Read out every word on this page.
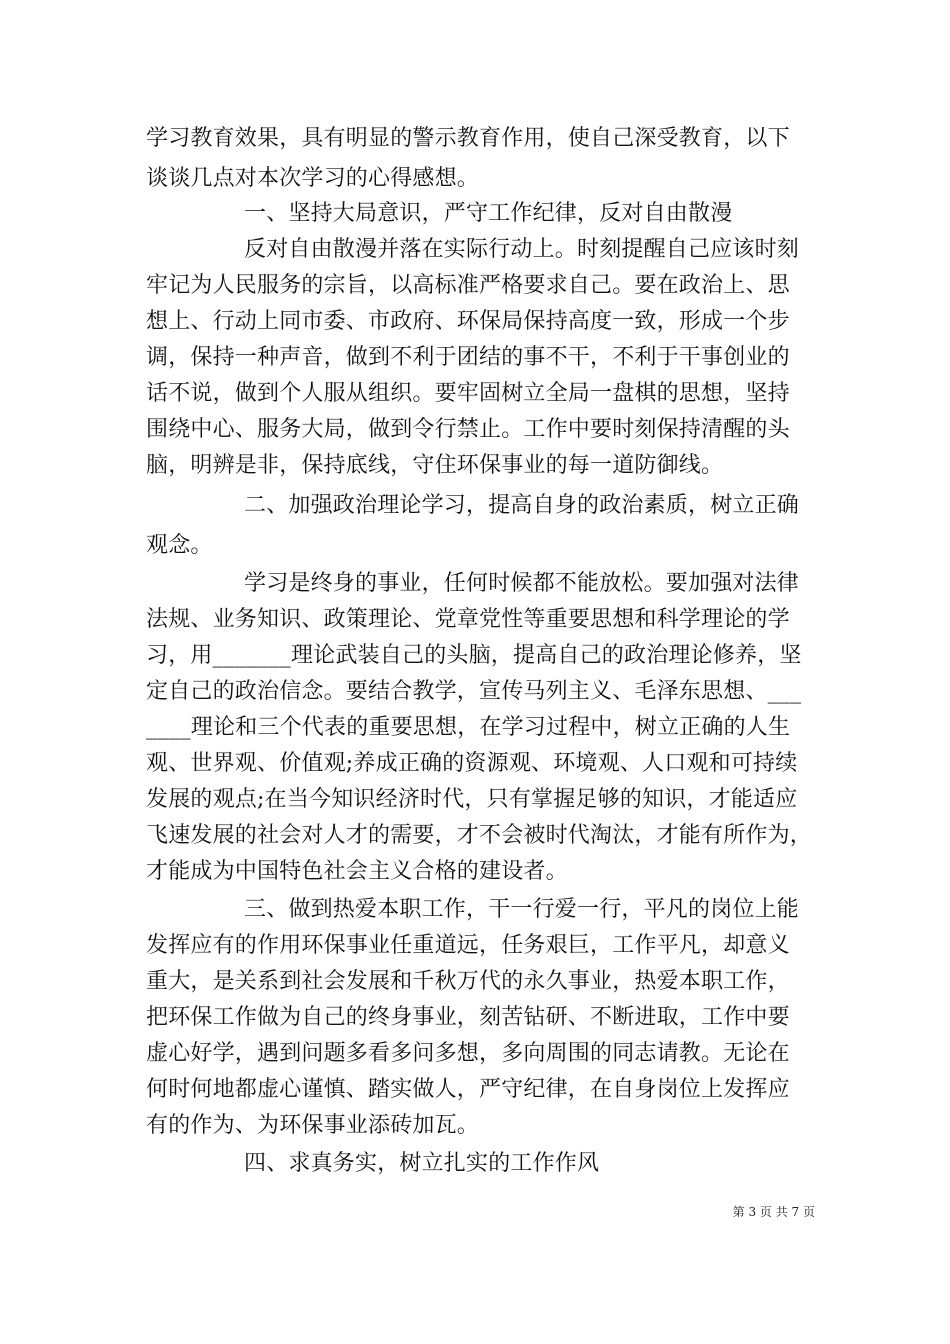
学习教育效果，具有明显的警示教育作用，使自己深受教育，以下
谈谈几点对本次学习的心得感想。
一、坚持大局意识，严守工作纪律，反对自由散漫
反对自由散漫并落在实际行动上。时刻提醒自己应该时刻
牢记为人民服务的宗旨，以高标准严格要求自己。要在政治上、思
想上、行动上同市委、市政府、环保局保持高度一致，形成一个步
调，保持一种声音，做到不利于团结的事不干，不利于干事创业的
话不说，做到个人服从组织。要牢固树立全局一盘棋的思想，坚持
围绕中心、服务大局，做到令行禁止。工作中要时刻保持清醒的头
脑，明辨是非，保持底线，守住环保事业的每一道防御线。
二、加强政治理论学习，提高自身的政治素质，树立正确
观念。
学习是终身的事业，任何时候都不能放松。要加强对法律
法规、业务知识、政策理论、党章党性等重要思想和科学理论的学
习，用_______理论武装自己的头脑，提高自己的政治理论修养，坚
定自己的政治信念。要结合教学，宣传马列主义、毛泽东思想、___
____理论和三个代表的重要思想，在学习过程中，树立正确的人生
观、世界观、价值观;养成正确的资源观、环境观、人口观和可持续
发展的观点;在当今知识经济时代，只有掌握足够的知识，才能适应
飞速发展的社会对人才的需要，才不会被时代淘汰，才能有所作为，
才能成为中国特色社会主义合格的建设者。
三、做到热爱本职工作，干一行爱一行，平凡的岗位上能
发挥应有的作用环保事业任重道远，任务艰巨，工作平凡，却意义
重大，是关系到社会发展和千秋万代的永久事业，热爱本职工作，
把环保工作做为自己的终身事业，刻苦钻研、不断进取，工作中要
虚心好学，遇到问题多看多问多想，多向周围的同志请教。无论在
何时何地都虚心谨慎、踏实做人，严守纪律，在自身岗位上发挥应
有的作为、为环保事业添砖加瓦。
四、求真务实，树立扎实的工作作风
第 3 页 共 7 页
